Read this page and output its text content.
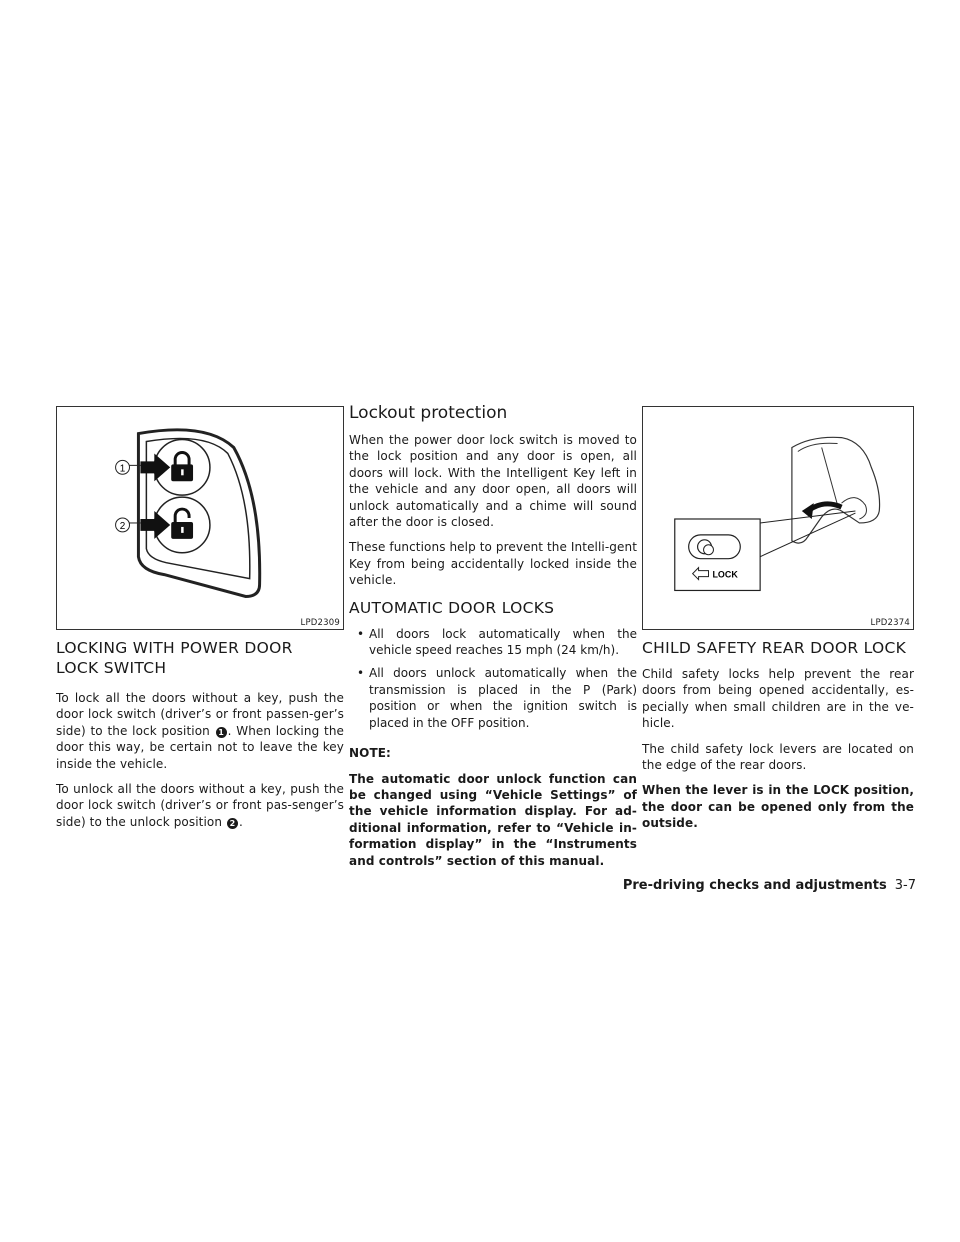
1
2
LPD2309
LOCKING WITH POWER DOOR LOCK SWITCH

To lock all the doors without a key, push the door lock switch (driver’s or front passen-ger’s side) to the lock position 1 . When locking the door this way, be certain not to leave the key inside the vehicle.

To unlock all the doors without a key, push the door lock switch (driver’s or front pas-senger’s side) to the unlock position 2 .

Lockout protection

When the power door lock switch is moved to the lock position and any door is open, all doors will lock. With the Intelligent Key left in the vehicle and any door open, all doors will unlock automatically and a chime will sound after the door is closed.

These functions help to prevent the Intelli-gent Key from being accidentally locked inside the vehicle.

AUTOMATIC DOOR LOCKS
• All doors lock automatically when the vehicle speed reaches 15 mph (24 km/h).
• All doors unlock automatically when the transmission is placed in the P (Park) position or when the ignition switch is placed in the OFF position.

NOTE:

The automatic door unlock function can be changed using “Vehicle Settings” of the vehicle information display. For ad-ditional information, refer to “Vehicle in-formation display” in the “Instruments and controls” section of this manual.

LOCK
LPD2374
CHILD SAFETY REAR DOOR LOCK

Child safety locks help prevent the rear doors from being opened accidentally, es-pecially when small children are in the ve-hicle.

The child safety lock levers are located on the edge of the rear doors.

When the lever is in the LOCK position, the door can be opened only from the outside.

Pre-driving checks and adjustments 3-7
